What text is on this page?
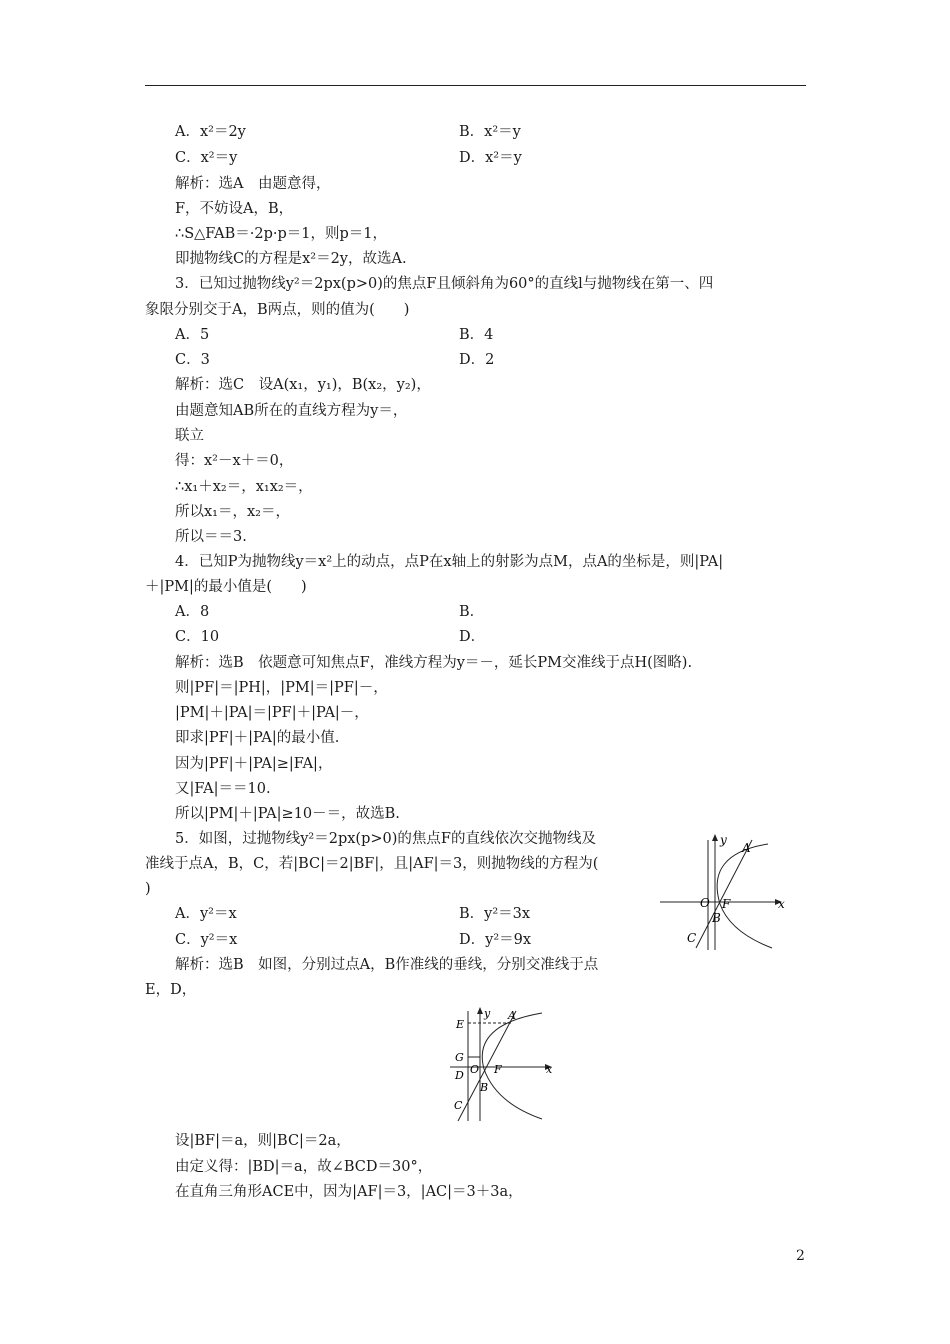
A．x²＝2y	B．x²＝y
C．x²＝y	D．x²＝y
解析：选A　由题意得，
F，不妨设A，B，
∴S△FAB＝·2p·p＝1，则p＝1，
即抛物线C的方程是x²＝2y，故选A.
3．已知过抛物线y²＝2px(p>0)的焦点F且倾斜角为60°的直线l与抛物线在第一、四
象限分别交于A，B两点，则的值为(　　)
A．5	B．4
C．3	D．2
解析：选C　设A(x₁，y₁)，B(x₂，y₂)，
由题意知AB所在的直线方程为y＝，
联立
得：x²－x＋＝0，
∴x₁＋x₂＝，x₁x₂＝，
所以x₁＝，x₂＝，
所以＝＝3.
4．已知P为抛物线y＝x²上的动点，点P在x轴上的射影为点M，点A的坐标是，则|PA|
＋|PM|的最小值是(　　)
A．8	B．
C．10	D．
解析：选B　依题意可知焦点F，准线方程为y＝－，延长PM交准线于点H(图略).
则|PF|＝|PH|，|PM|＝|PF|－，
|PM|＋|PA|＝|PF|＋|PA|－，
即求|PF|＋|PA|的最小值.
因为|PF|＋|PA|≥|FA|，
又|FA|＝＝10.
所以|PM|＋|PA|≥10－＝，故选B.
5．如图，过抛物线y²＝2px(p>0)的焦点F的直线依次交抛物线及
准线于点A，B，C，若|BC|＝2|BF|，且|AF|＝3，则抛物线的方程为(
)
A．y²＝x	B．y²＝3x
C．y²＝x	D．y²＝9x
解析：选B　如图，分别过点A，B作准线的垂线，分别交准线于点
E，D，
设|BF|＝a，则|BC|＝2a，
由定义得：|BD|＝a，故∠BCD＝30°，
在直角三角形ACE中，因为|AF|＝3，|AC|＝3＋3a，
y
x
A
O F
B
C
E
y A
G
D O F	x
B
C
2
